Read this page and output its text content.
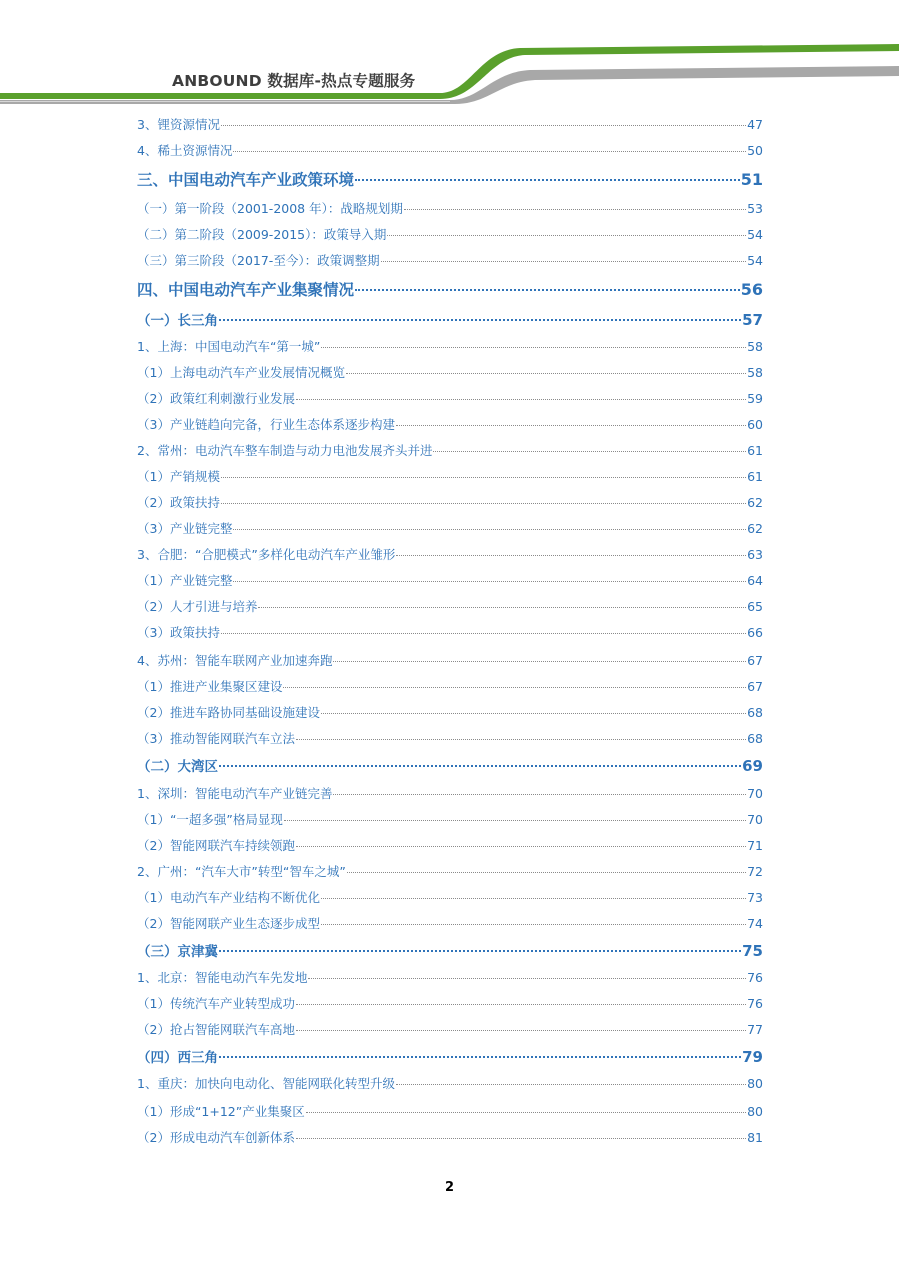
ANBOUND 数据库-热点专题服务
3、锂资源情况	47
4、稀土资源情况	50
三、中国电动汽车产业政策环境	51
（一）第一阶段（2001-2008 年）：战略规划期	53
（二）第二阶段（2009-2015）：政策导入期	54
（三）第三阶段（2017-至今）：政策调整期	54
四、中国电动汽车产业集聚情况	56
（一）长三角	57
1、上海：中国电动汽车“第一城”	58
（1）上海电动汽车产业发展情况概览	58
（2）政策红利刺激行业发展	59
（3）产业链趋向完备，行业生态体系逐步构建	60
2、常州：电动汽车整车制造与动力电池发展齐头并进	61
（1）产销规模	61
（2）政策扶持	62
（3）产业链完整	62
3、合肥：“合肥模式”多样化电动汽车产业雏形	63
（1）产业链完整	64
（2）人才引进与培养	65
（3）政策扶持	66
4、苏州：智能车联网产业加速奔跑	67
（1）推进产业集聚区建设	67
（2）推进车路协同基础设施建设	68
（3）推动智能网联汽车立法	68
（二）大湾区	69
1、深圳：智能电动汽车产业链完善	70
（1）“一超多强”格局显现	70
（2）智能网联汽车持续领跑	71
2、广州：“汽车大市”转型“智车之城”	72
（1）电动汽车产业结构不断优化	73
（2）智能网联产业生态逐步成型	74
（三）京津冀	75
1、北京：智能电动汽车先发地	76
（1）传统汽车产业转型成功	76
（2）抢占智能网联汽车高地	77
（四）西三角	79
1、重庆：加快向电动化、智能网联化转型升级	80
（1）形成“1+12”产业集聚区	80
（2）形成电动汽车创新体系	81
2
